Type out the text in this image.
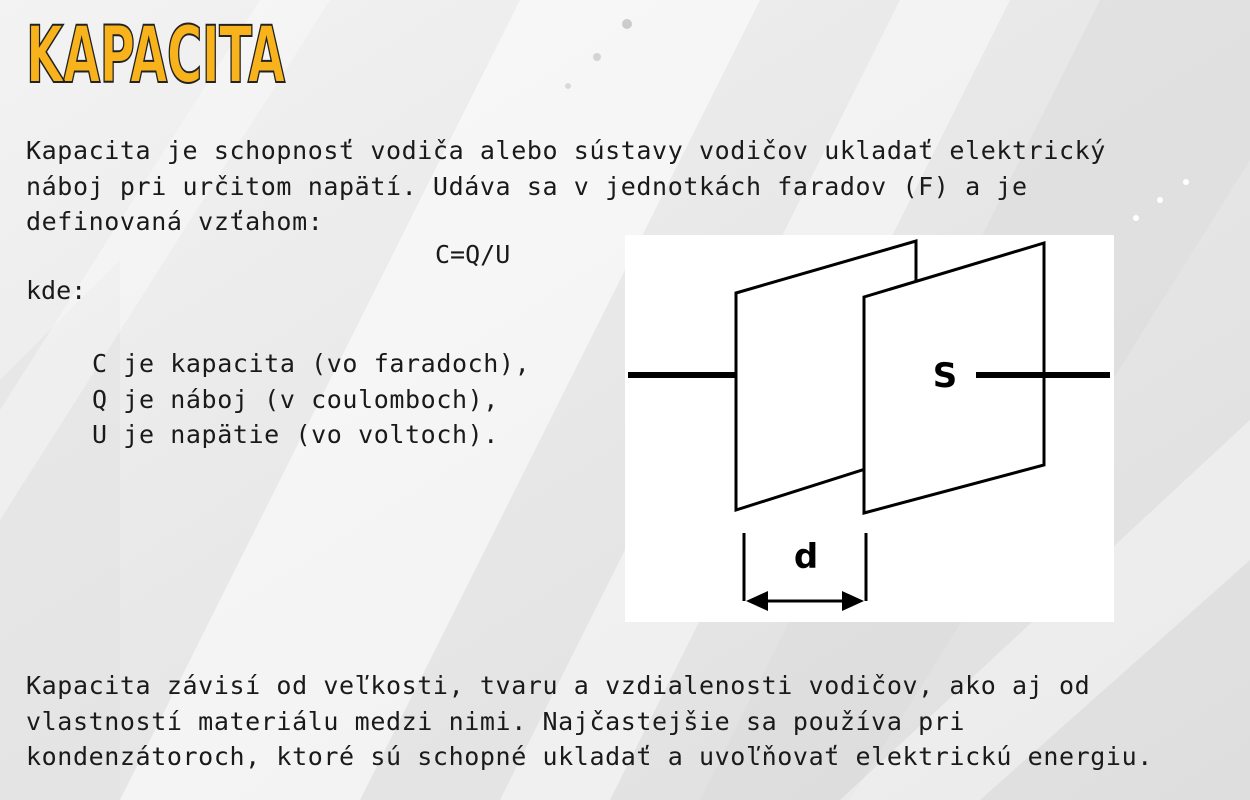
KAPACITA

Kapacita je schopnosť vodiča alebo sústavy vodičov ukladať elektrický
náboj pri určitom napätí. Udáva sa v jednotkách faradov (F) a je
definovaná vzťahom:

C=Q/U
kde:
C je kapacita (vo faradoch),
Q je náboj (v coulomboch),
U je napätie (vo voltoch).
S
d

Kapacita závisí od veľkosti, tvaru a vzdialenosti vodičov, ako aj od
vlastností materiálu medzi nimi. Najčastejšie sa používa pri
kondenzátoroch, ktoré sú schopné ukladať a uvoľňovať elektrickú energiu.
